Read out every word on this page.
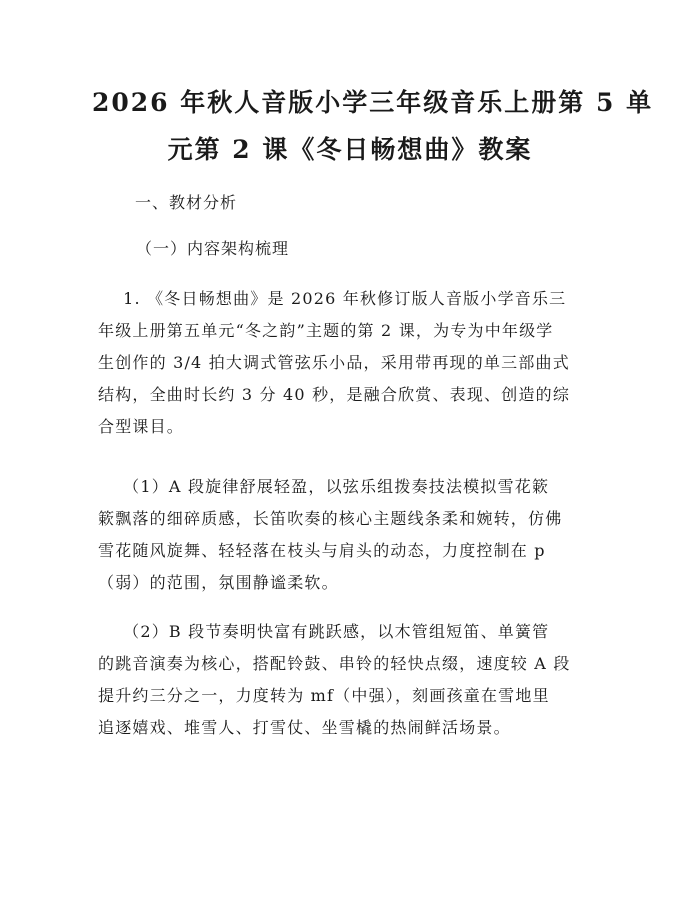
2026 年秋人音版小学三年级音乐上册第 5 单
元第 2 课《冬日畅想曲》教案

一、教材分析

（一）内容架构梳理

1. 《冬日畅想曲》是 2026 年秋修订版人音版小学音乐三
年级上册第五单元“冬之韵”主题的第 2 课，为专为中年级学
生创作的 3/4 拍大调式管弦乐小品，采用带再现的单三部曲式
结构，全曲时长约 3 分 40 秒，是融合欣赏、表现、创造的综
合型课目。
（1）A 段旋律舒展轻盈，以弦乐组拨奏技法模拟雪花簌
簌飘落的细碎质感，长笛吹奏的核心主题线条柔和婉转，仿佛
雪花随风旋舞、轻轻落在枝头与肩头的动态，力度控制在 p
（弱）的范围，氛围静谧柔软。
（2）B 段节奏明快富有跳跃感，以木管组短笛、单簧管
的跳音演奏为核心，搭配铃鼓、串铃的轻快点缀，速度较 A 段
提升约三分之一，力度转为 mf（中强），刻画孩童在雪地里
追逐嬉戏、堆雪人、打雪仗、坐雪橇的热闹鲜活场景。
